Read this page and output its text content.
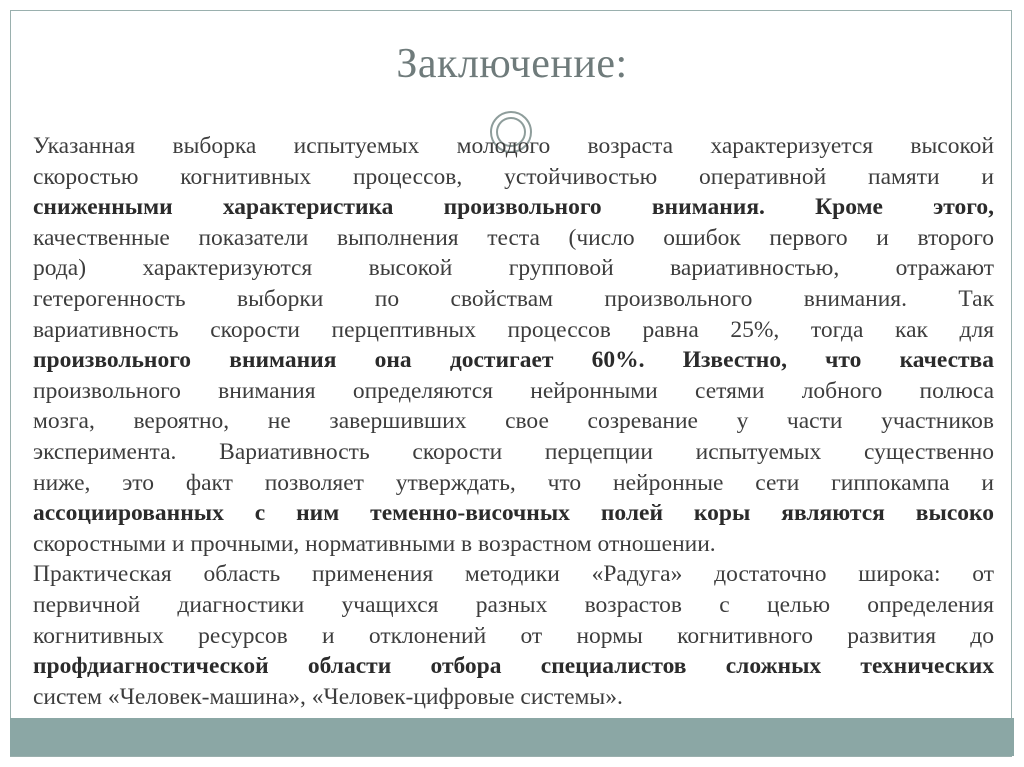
Заключение:
Указанная выборка испытуемых молодого возраста характеризуется высокой
скоростью когнитивных процессов, устойчивостью оперативной памяти и
сниженными характеристика произвольного внимания. Кроме этого,
качественные показатели выполнения теста (число ошибок первого и второго
рода) характеризуются высокой групповой вариативностью, отражают
гетерогенность выборки по свойствам произвольного внимания. Так
вариативность скорости перцептивных процессов равна 25%, тогда как для
произвольного внимания она достигает 60%. Известно, что качества
произвольного внимания определяются нейронными сетями лобного полюса
мозга, вероятно, не завершивших свое созревание у части участников
эксперимента. Вариативность скорости перцепции испытуемых существенно
ниже, это факт позволяет утверждать, что нейронные сети гиппокампа и
ассоциированных с ним теменно-височных полей коры являются высоко
скоростными и прочными, нормативными в возрастном отношении.
Практическая область применения методики «Радуга» достаточно широка: от
первичной диагностики учащихся разных возрастов с целью определения
когнитивных ресурсов и отклонений от нормы когнитивного развития до
профдиагностической области отбора специалистов сложных технических
систем «Человек-машина», «Человек-цифровые системы».
